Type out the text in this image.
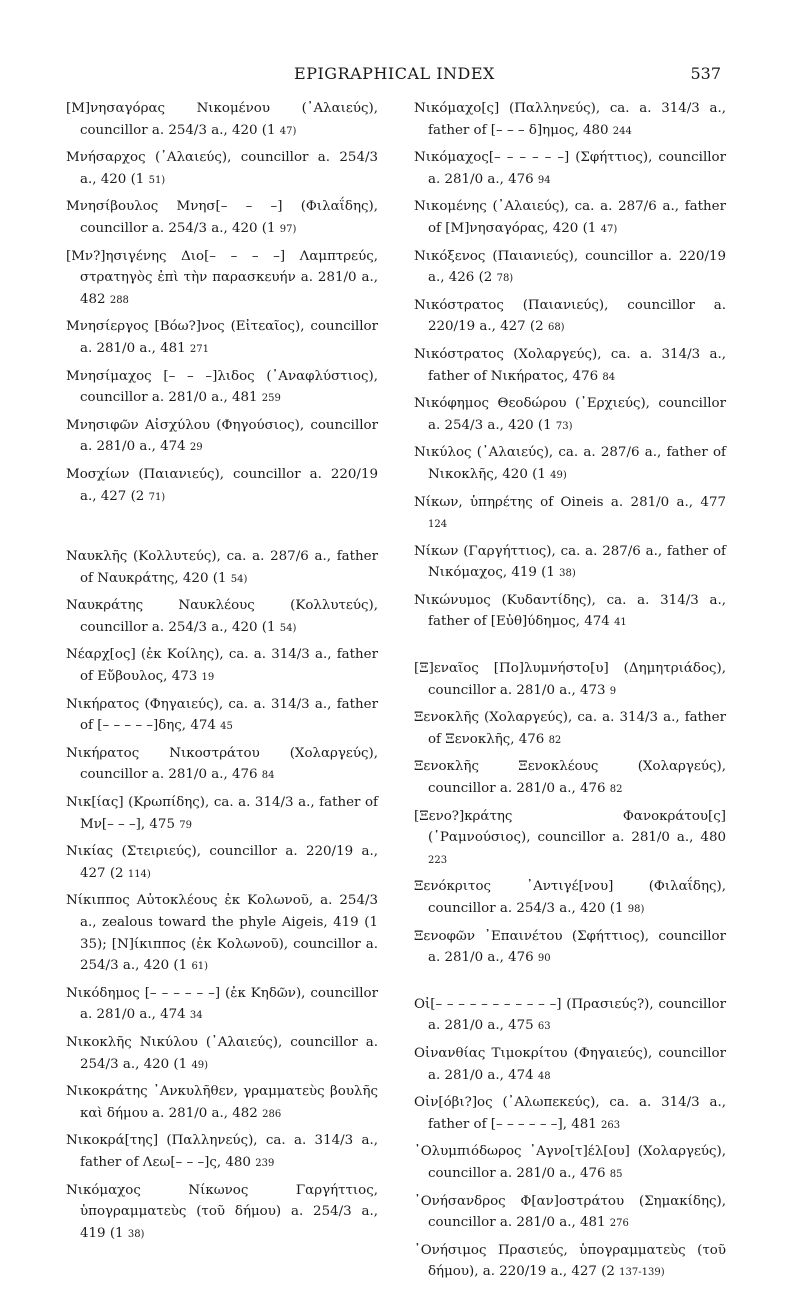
EPIGRAPHICAL INDEX	537
[Μ]νησαγόρας Νικομένου (᾿Αλαιεύς), councillor a. 254/3 a., 420 (1 47)
Μνήσαρχος (᾿Αλαιεύς), councillor a. 254/3 a., 420 (1 51)
Μνησίβουλος Μνησ[– – –] (Φιλαΐδης), councillor a. 254/3 a., 420 (1 97)
[Μν?]ησιγένης Διο[– – – –] Λαμπτρεύς, στρατηγὸς ἐπὶ τὴν παρασκευήν a. 281/0 a., 482 288
Μνησίεργος [Βόω?]νος (Εἰτεαῖος), councillor a. 281/0 a., 481 271
Μνησίμαχος [– – –]λιδος (᾿Αναφλύστιος), councillor a. 281/0 a., 481 259
Μνησιφῶν Αἰσχύλου (Φηγούσιος), councillor a. 281/0 a., 474 29
Μοσχίων (Παιανιεύς), councillor a. 220/19 a., 427 (2 71)
Ναυκλῆς (Κολλυτεύς), ca. a. 287/6 a., father of Ναυκράτης, 420 (1 54)
Ναυκράτης Ναυκλέους (Κολλυτεύς), councillor a. 254/3 a., 420 (1 54)
Νέαρχ[ος] (ἐκ Κοίλης), ca. a. 314/3 a., father of Εὔβουλος, 473 19
Νικήρατος (Φηγαιεύς), ca. a. 314/3 a., father of [– – – – –]δης, 474 45
Νικήρατος Νικοστράτου (Χολαργεύς), councillor a. 281/0 a., 476 84
Νικ[ίας] (Κρωπίδης), ca. a. 314/3 a., father of Μν[– – –], 475 79
Νικίας (Στειριεύς), councillor a. 220/19 a., 427 (2 114)
Νίκιππος Αὐτοκλέους ἐκ Κολωνοῦ, a. 254/3 a., zealous toward the phyle Aigeis, 419 (1 35); [Ν]ίκιππος (ἐκ Κολωνοῦ), councillor a. 254/3 a., 420 (1 61)
Νικόδημος [– – – – – –] (ἐκ Κηδῶν), councillor a. 281/0 a., 474 34
Νικοκλῆς Νικύλου (᾿Αλαιεύς), councillor a. 254/3 a., 420 (1 49)
Νικοκράτης ᾿Ανκυλῆθεν, γραμματεὺς βουλῆς καὶ δήμου a. 281/0 a., 482 286
Νικοκρά[της] (Παλληνεύς), ca. a. 314/3 a., father of Λεω[– – –]ς, 480 239
Νικόμαχος Νίκωνος Γαργήττιος, ὑπογραμματεὺς (τοῦ δήμου) a. 254/3 a., 419 (1 38)
Νικόμαχο[ς] (Παλληνεύς), ca. a. 314/3 a., father of [– – – δ]ημος, 480 244
Νικόμαχος[– – – – – –] (Σφήττιος), councillor a. 281/0 a., 476 94
Νικομένης (᾿Αλαιεύς), ca. a. 287/6 a., father of [Μ]νησαγόρας, 420 (1 47)
Νικόξενος (Παιανιεύς), councillor a. 220/19 a., 426 (2 78)
Νικόστρατος (Παιανιεύς), councillor a. 220/19 a., 427 (2 68)
Νικόστρατος (Χολαργεύς), ca. a. 314/3 a., father of Νικήρατος, 476 84
Νικόφημος Θεοδώρου (᾿Ερχιεύς), councillor a. 254/3 a., 420 (1 73)
Νικύλος (᾿Αλαιεύς), ca. a. 287/6 a., father of Νικοκλῆς, 420 (1 49)
Νίκων, ὑπηρέτης of Oineis a. 281/0 a., 477 124
Νίκων (Γαργήττιος), ca. a. 287/6 a., father of Νικόμαχος, 419 (1 38)
Νικώνυμος (Κυδαντίδης), ca. a. 314/3 a., father of [Εὐθ]ύδημος, 474 41
[Ξ]εναῖος [Πο]λυμνήστο[υ] (Δημητριάδος), councillor a. 281/0 a., 473 9
Ξενοκλῆς (Χολαργεύς), ca. a. 314/3 a., father of Ξενοκλῆς, 476 82
Ξενοκλῆς Ξενοκλέους (Χολαργεύς), councillor a. 281/0 a., 476 82
[Ξενο?]κράτης Φανοκράτου[ς] (῾Ραμνούσιος), councillor a. 281/0 a., 480 223
Ξενόκριτος ᾿Αντιγέ[νου] (Φιλαΐδης), councillor a. 254/3 a., 420 (1 98)
Ξενοφῶν ᾿Επαινέτου (Σφήττιος), councillor a. 281/0 a., 476 90
Οἰ[– – – – – – – – – – –] (Πρασιεύς?), councillor a. 281/0 a., 475 63
Οἰνανθίας Τιμοκρίτου (Φηγαιεύς), councillor a. 281/0 a., 474 48
Οἰν[όβι?]ος (᾿Αλωπεκεύς), ca. a. 314/3 a., father of [– – – – – –], 481 263
᾿Ολυμπιόδωρος ᾿Αγνο[τ]έλ[ου] (Χολαργεύς), councillor a. 281/0 a., 476 85
᾿Ονήσανδρος Φ[αν]οστράτου (Σημακίδης), councillor a. 281/0 a., 481 276
᾿Ονήσιμος Πρασιεύς, ὑπογραμματεὺς (τοῦ δήμου), a. 220/19 a., 427 (2 137-139)
